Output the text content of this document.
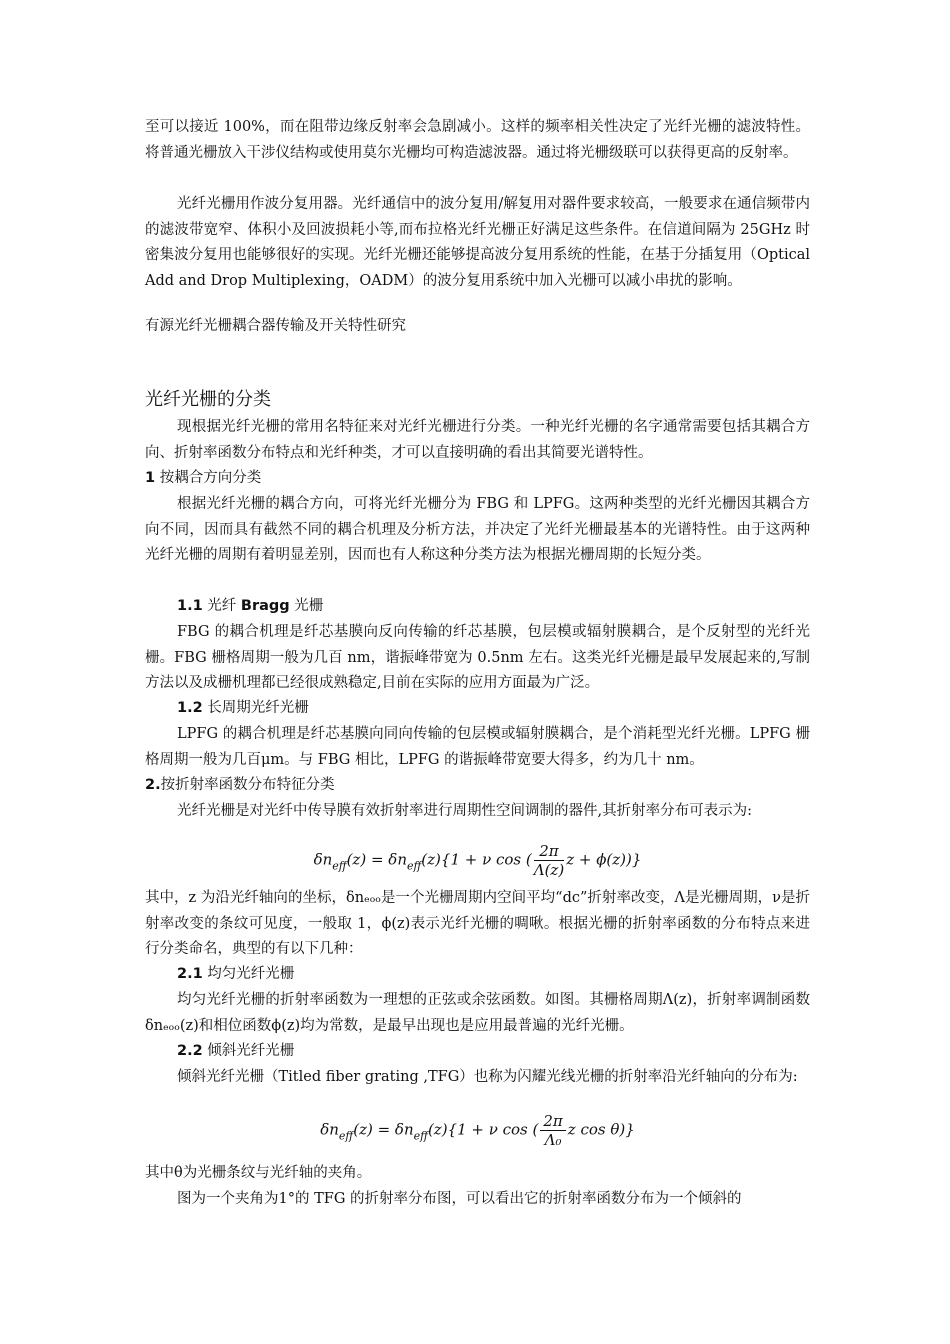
至可以接近 100%，而在阻带边缘反射率会急剧减小。这样的频率相关性决定了光纤光栅的滤波特性。将普通光栅放入干涉仪结构或使用莫尔光栅均可构造滤波器。通过将光栅级联可以获得更高的反射率。

光纤光栅用作波分复用器。光纤通信中的波分复用/解复用对器件要求较高，一般要求在通信频带内的滤波带宽窄、体积小及回波损耗小等,而布拉格光纤光栅正好满足这些条件。在信道间隔为 25GHz 时密集波分复用也能够很好的实现。光纤光栅还能够提高波分复用系统的性能，在基于分插复用（Optical Add and Drop Multiplexing，OADM）的波分复用系统中加入光栅可以减小串扰的影响。

有源光纤光栅耦合器传输及开关特性研究

光纤光栅的分类

现根据光纤光栅的常用名特征来对光纤光栅进行分类。一种光纤光栅的名字通常需要包括其耦合方向、折射率函数分布特点和光纤种类，才可以直接明确的看出其简要光谱特性。

1 按耦合方向分类

根据光纤光栅的耦合方向，可将光纤光栅分为 FBG 和 LPFG。这两种类型的光纤光栅因其耦合方向不同，因而具有截然不同的耦合机理及分析方法，并决定了光纤光栅最基本的光谱特性。由于这两种光纤光栅的周期有着明显差别，因而也有人称这种分类方法为根据光栅周期的长短分类。

1.1 光纤 Bragg 光栅

FBG 的耦合机理是纤芯基膜向反向传输的纤芯基膜，包层模或辐射膜耦合，是个反射型的光纤光栅。FBG 栅格周期一般为几百 nm，谐振峰带宽为 0.5nm 左右。这类光纤光栅是最早发展起来的,写制方法以及成栅机理都已经很成熟稳定,目前在实际的应用方面最为广泛。

1.2 长周期光纤光栅

LPFG 的耦合机理是纤芯基膜向同向传输的包层模或辐射膜耦合，是个消耗型光纤光栅。LPFG 栅格周期一般为几百μm。与 FBG 相比，LPFG 的谐振峰带宽要大得多，约为几十 nm。

2.按折射率函数分布特征分类

光纤光栅是对光纤中传导膜有效折射率进行周期性空间调制的器件,其折射率分布可表示为:

$\delta n_{eff}(z) = \delta n_{eff}(z)\{1 + \nu$ cos ( $\frac{2\pi}{\Lambda(z)}$ z + ϕ(z))}

其中，z 为沿光纤轴向的坐标，δnₑₒₒ是一个光栅周期内空间平均“dc”折射率改变，Λ是光栅周期，ν是折射率改变的条纹可见度，一般取 1，ϕ(z)表示光纤光栅的啁啾。根据光栅的折射率函数的分布特点来进行分类命名，典型的有以下几种：

2.1 均匀光纤光栅

均匀光纤光栅的折射率函数为一理想的正弦或余弦函数。如图。其栅格周期Λ(z)，折射率调制函数δnₑₒₒ(z)和相位函数ϕ(z)均为常数，是最早出现也是应用最普遍的光纤光栅。

2.2 倾斜光纤光栅

倾斜光纤光栅（Titled fiber grating ,TFG）也称为闪耀光线光栅的折射率沿光纤轴向的分布为:

$\delta n_{eff}(z) = \delta n_{eff}(z)\{1 + \nu$ cos ( $\frac{2\pi}{\text{Λ₀}}$ z cos θ)}

其中θ为光栅条纹与光纤轴的夹角。

图为一个夹角为1°的 TFG 的折射率分布图，可以看出它的折射率函数分布为一个倾斜的
